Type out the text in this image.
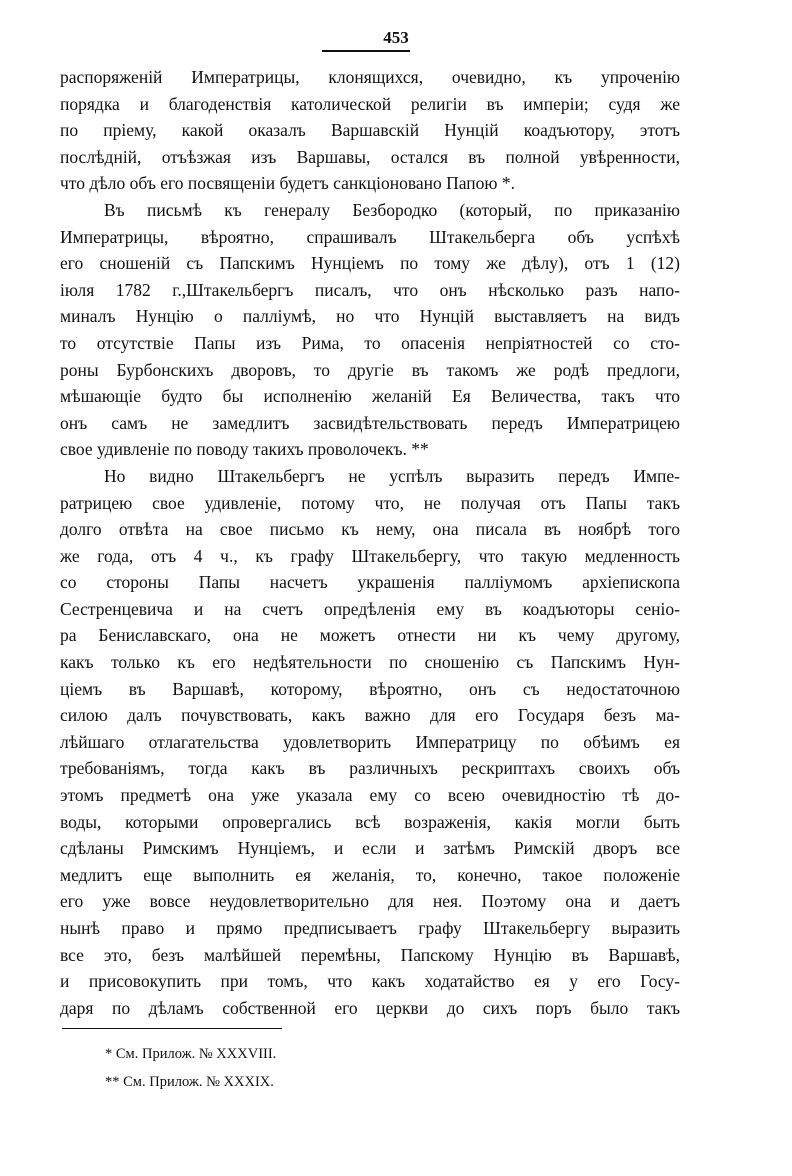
453
распоряженій Императрицы, клонящихся, очевидно, къ упроченію
порядка и благоденствія католической религіи въ имперіи; судя же
по пріему, какой оказалъ Варшавскій Нунцій коадъютору, этотъ
послѣдній, отъѣзжая изъ Варшавы, остался въ полной увѣренности,
что дѣло объ его посвященіи будетъ санкціоновано Папою *.
Въ письмѣ къ генералу Безбородко (который, по приказанію
Императрицы, вѣроятно, спрашивалъ Штакельберга объ успѣхѣ
его сношеній съ Папскимъ Нунціемъ по тому же дѣлу), отъ 1 (12)
іюля 1782 г.,Штакельбергъ писалъ, что онъ нѣсколько разъ напо-
миналъ Нунцію о палліумѣ, но что Нунцій выставляетъ на видъ
то отсутствіе Папы изъ Рима, то опасенія непріятностей со сто-
роны Бурбонскихъ дворовъ, то другіе въ такомъ же родѣ предлоги,
мѣшающіе будто бы исполненію желаній Ея Величества, такъ что
онъ самъ не замедлитъ засвидѣтельствовать передъ Императрицею
свое удивленіе по поводу такихъ проволочекъ. **
Но видно Штакельбергъ не успѣлъ выразить передъ Импе-
ратрицею свое удивленіе, потому что, не получая отъ Папы такъ
долго отвѣта на свое письмо къ нему, она писала въ ноябрѣ того
же года, отъ 4 ч., къ графу Штакельбергу, что такую медленность
со стороны Папы насчетъ украшенія палліумомъ архіепископа
Сестренцевича и на счетъ опредѣленія ему въ коадъюторы сеніо-
ра Бениславскаго, она не можетъ отнести ни къ чему другому,
какъ только къ его недѣятельности по сношенію съ Папскимъ Нун-
ціемъ въ Варшавѣ, которому, вѣроятно, онъ съ недостаточною
силою далъ почувствовать, какъ важно для его Государя безъ ма-
лѣйшаго отлагательства удовлетворить Императрицу по обѣимъ ея
требованіямъ, тогда какъ въ различныхъ рескриптахъ своихъ объ
этомъ предметѣ она уже указала ему со всею очевидностію тѣ до-
воды, которыми опровергались всѣ возраженія, какія могли быть
сдѣланы Римскимъ Нунціемъ, и если и затѣмъ Римскій дворъ все
медлитъ еще выполнить ея желанія, то, конечно, такое положеніе
его уже вовсе неудовлетворительно для нея. Поэтому она и даетъ
нынѣ право и прямо предписываетъ графу Штакельбергу выразить
все это, безъ малѣйшей перемѣны, Папскому Нунцію въ Варшавѣ,
и присовокупить при томъ, что какъ ходатайство ея у его Госу-
даря по дѣламъ собственной его церкви до сихъ поръ было такъ
* См. Прилож. № XXXVIII.
** См. Прилож. № XXXIX.
